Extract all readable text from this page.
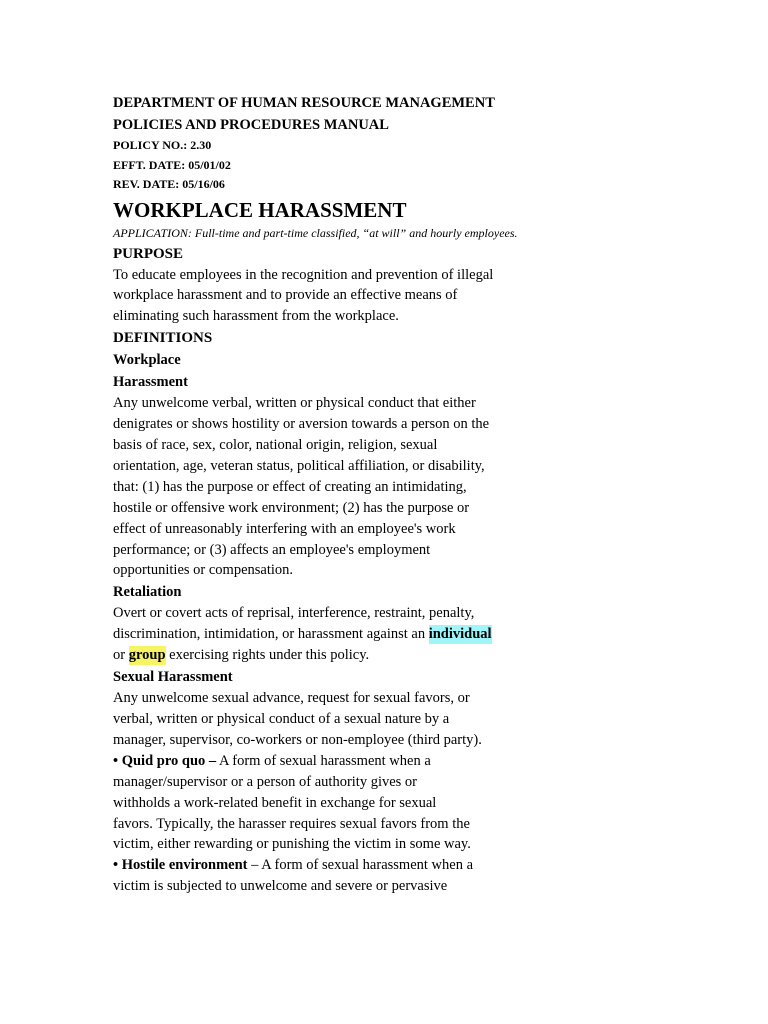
DEPARTMENT OF HUMAN RESOURCE MANAGEMENT
POLICIES AND PROCEDURES MANUAL
POLICY NO.: 2.30
EFFT. DATE: 05/01/02
REV. DATE: 05/16/06
WORKPLACE HARASSMENT
APPLICATION: Full-time and part-time classified, “at will” and hourly employees.
PURPOSE
To educate employees in the recognition and prevention of illegal
workplace harassment and to provide an effective means of
eliminating such harassment from the workplace.
DEFINITIONS
Workplace
Harassment
Any unwelcome verbal, written or physical conduct that either
denigrates or shows hostility or aversion towards a person on the
basis of race, sex, color, national origin, religion, sexual
orientation, age, veteran status, political affiliation, or disability,
that: (1) has the purpose or effect of creating an intimidating,
hostile or offensive work environment; (2) has the purpose or
effect of unreasonably interfering with an employee's work
performance; or (3) affects an employee's employment
opportunities or compensation.
Retaliation
Overt or covert acts of reprisal, interference, restraint, penalty,
discrimination, intimidation, or harassment against an individual
or group exercising rights under this policy.
Sexual Harassment
Any unwelcome sexual advance, request for sexual favors, or
verbal, written or physical conduct of a sexual nature by a
manager, supervisor, co-workers or non-employee (third party).
• Quid pro quo – A form of sexual harassment when a
manager/supervisor or a person of authority gives or
withholds a work-related benefit in exchange for sexual
favors. Typically, the harasser requires sexual favors from the
victim, either rewarding or punishing the victim in some way.
• Hostile environment – A form of sexual harassment when a
victim is subjected to unwelcome and severe or pervasive
